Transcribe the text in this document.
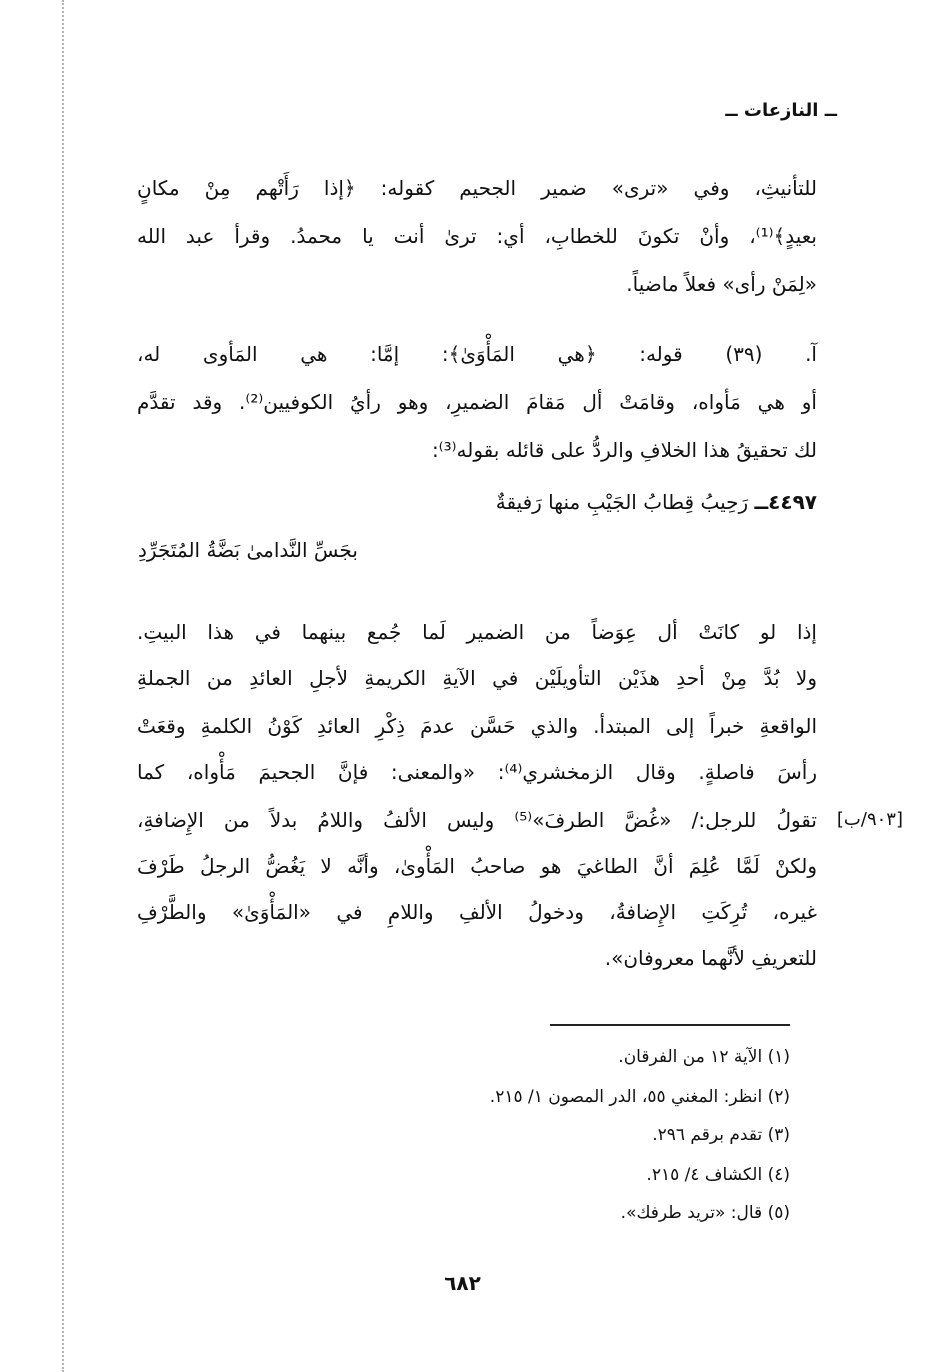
ــ النازعات ــ
للتأنيثِ، وفي «ترى» ضمير الجحيم كقوله: ﴿إذا رَأَتْهم مِنْ مكانٍ
بعيدٍ﴾⁽¹⁾، وأنْ تكونَ للخطابِ، أي: ترىٰ أنت يا محمدُ. وقرأ عبد الله
«لِمَنْ رأى» فعلاً ماضياً.
آ. (٣٩) قوله: ﴿هي المَأْوَىٰ﴾: إمَّا: هي المَأوى له،
أو هي مَأواه، وقامَتْ أل مَقامَ الضميرِ، وهو رأيُ الكوفيين⁽²⁾. وقد تقدَّم
لك تحقيقُ هذا الخلافِ والردُّ على قائله بقوله⁽³⁾:
٤٤٩٧ــ رَحِيبُ قِطابُ الجَيْبِ منها رَفيقةٌ
بجَسِّ النَّدامىٰ بَضَّةُ المُتَجَرِّدِ
إذا لو كانَتْ أل عِوَضاً من الضمير لَما جُمع بينهما في هذا البيتِ.
ولا بُدَّ مِنْ أحدِ هذَيْن التأويلَيْن في الآيةِ الكريمةِ لأجلِ العائدِ من الجملةِ
الواقعةِ خبراً إلى المبتدأ. والذي حَسَّن عدمَ ذِكْرِ العائدِ كَوْنُ الكلمةِ وقعَتْ
رأسَ فاصلةٍ. وقال الزمخشري⁽⁴⁾: «والمعنى: فإنَّ الجحيمَ مَأْواه، كما
تقولُ للرجل:/ «غُضَّ الطرفَ»⁽⁵⁾ وليس الألفُ واللامُ بدلاً من الإِضافةِ،
ولكنْ لَمَّا عُلِمَ أنَّ الطاغيَ هو صاحبُ المَأْوىٰ، وأنَّه لا يَغُضُّ الرجلُ طَرْفَ
غيره، تُرِكَتِ الإِضافةُ، ودخولُ الألفِ واللامِ في «المَأْوَىٰ» والطَّرْفِ
للتعريفِ لأنَّهما معروفان».
[٩٠٣/ب]
(١) الآية ١٢ من الفرقان.
(٢) انظر: المغني ٥٥، الدر المصون ١/ ٢١٥.
(٣) تقدم برقم ٢٩٦.
(٤) الكشاف ٤/ ٢١٥.
(٥) قال: «تريد طرفك».
٦٨٢
